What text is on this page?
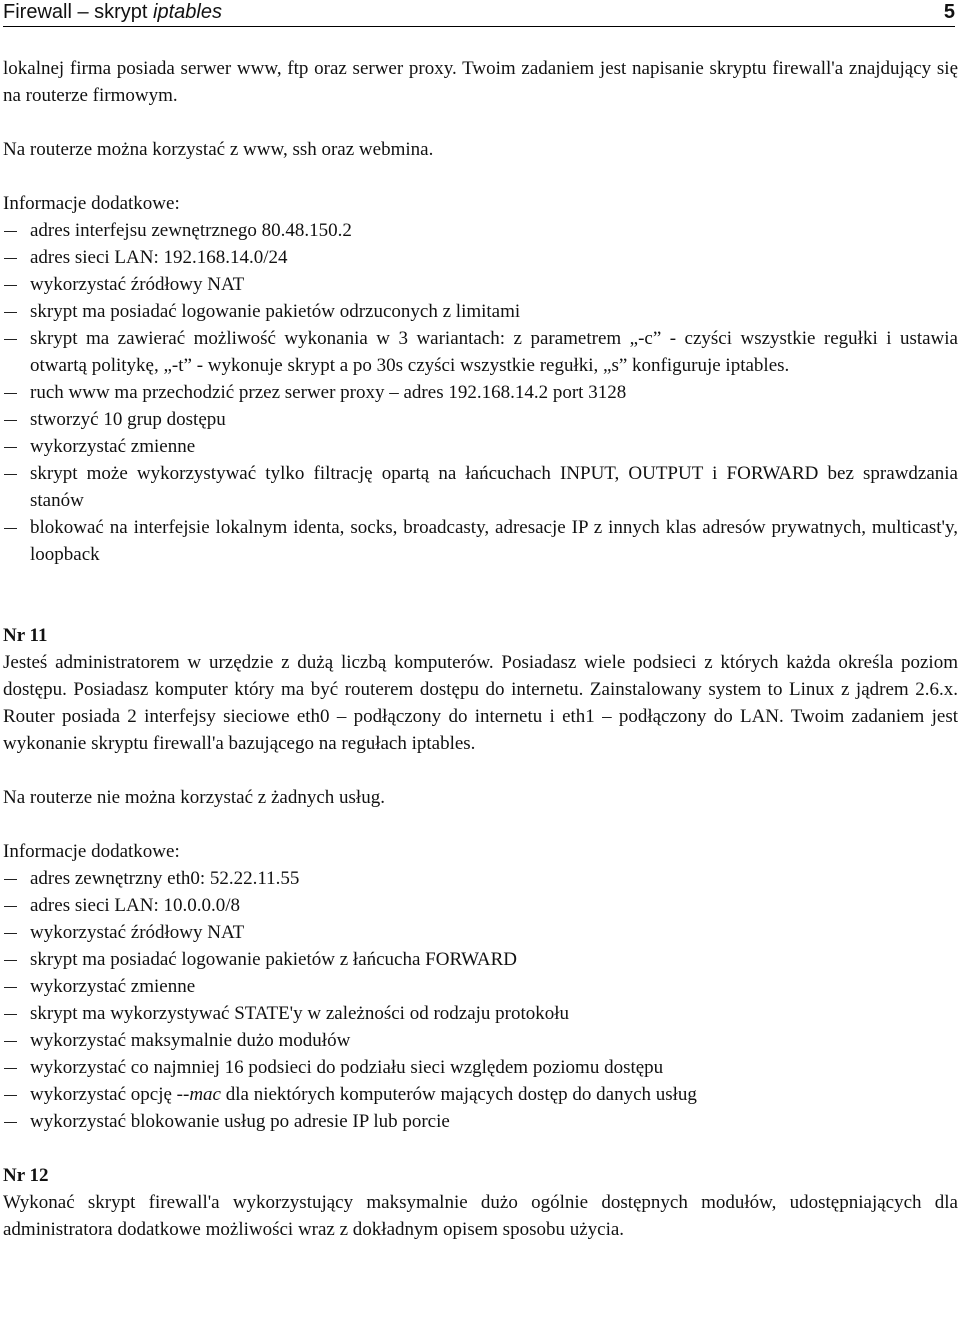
Firewall – skrypt iptables	5

lokalnej firma posiada serwer www, ftp oraz serwer proxy. Twoim zadaniem jest napisanie skryptu firewall'a znajdujący się na routerze firmowym.

Na routerze można korzystać z www, ssh oraz webmina.

Informacje dodatkowe:

adres interfejsu zewnętrznego 80.48.150.2
adres sieci LAN: 192.168.14.0/24
wykorzystać źródłowy NAT
skrypt ma posiadać logowanie pakietów odrzuconych z limitami
skrypt ma zawierać możliwość wykonania w 3 wariantach: z parametrem „-c” - czyści wszystkie regułki i ustawia otwartą politykę, „-t” - wykonuje skrypt a po 30s czyści wszystkie regułki, „s” konfiguruje iptables.
ruch www ma przechodzić przez serwer proxy – adres 192.168.14.2 port 3128
stworzyć 10 grup dostępu
wykorzystać zmienne
skrypt może wykorzystywać tylko filtrację opartą na łańcuchach INPUT, OUTPUT i FORWARD bez sprawdzania stanów
blokować na interfejsie lokalnym identa, socks, broadcasty, adresacje IP z innych klas adresów prywatnych, multicast'y, loopback

Nr 11

Jesteś administratorem w urzędzie z dużą liczbą komputerów. Posiadasz wiele podsieci z których każda określa poziom dostępu. Posiadasz komputer który ma być routerem dostępu do internetu. Zainstalowany system to Linux z jądrem 2.6.x. Router posiada 2 interfejsy sieciowe eth0 – podłączony do internetu i eth1 – podłączony do LAN. Twoim zadaniem jest wykonanie skryptu firewall'a bazującego na regułach iptables.

Na routerze nie można korzystać z żadnych usług.

Informacje dodatkowe:

adres zewnętrzny eth0: 52.22.11.55
adres sieci LAN: 10.0.0.0/8
wykorzystać źródłowy NAT
skrypt ma posiadać logowanie pakietów z łańcucha FORWARD
wykorzystać zmienne
skrypt ma wykorzystywać STATE'y w zależności od rodzaju protokołu
wykorzystać maksymalnie dużo modułów
wykorzystać co najmniej 16 podsieci do podziału sieci względem poziomu dostępu
wykorzystać opcję --mac dla niektórych komputerów mających dostęp do danych usług
wykorzystać blokowanie usług po adresie IP lub porcie

Nr 12

Wykonać skrypt firewall'a wykorzystujący maksymalnie dużo ogólnie dostępnych modułów, udostępniających dla administratora dodatkowe możliwości wraz z dokładnym opisem sposobu użycia.
